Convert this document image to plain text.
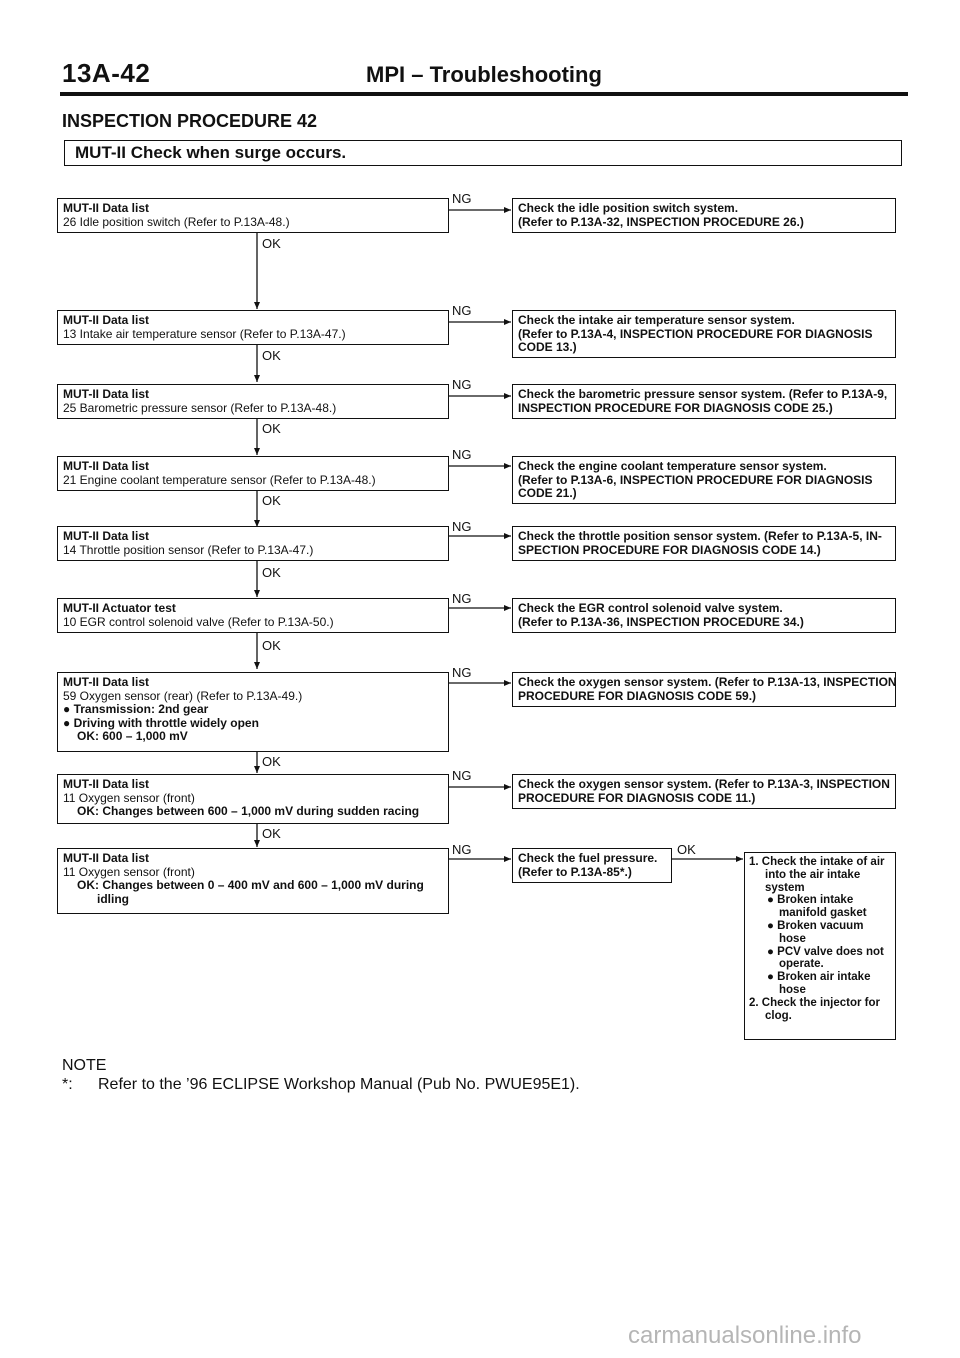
13A-42	MPI – Troubleshooting
INSPECTION PROCEDURE 42
MUT-II Check when surge occurs.
NG
NG
NG
NG
NG
NG
NG
NG
NG	OK
OK
OK
OK
OK
OK
OK
OK
OK
MUT-II Data list
26 Idle position switch (Refer to P.13A-48.)
Check the idle position switch system.
(Refer to P.13A-32, INSPECTION PROCEDURE 26.)
MUT-II Data list
13 Intake air temperature sensor (Refer to P.13A-47.)
Check the intake air temperature sensor system.
(Refer to P.13A-4, INSPECTION PROCEDURE FOR DIAGNOSIS
CODE 13.)
MUT-II Data list
25 Barometric pressure sensor (Refer to P.13A-48.)
Check the barometric pressure sensor system. (Refer to P.13A-9,
INSPECTION PROCEDURE FOR DIAGNOSIS CODE 25.)
MUT-II Data list
21 Engine coolant temperature sensor (Refer to P.13A-48.)
Check the engine coolant temperature sensor system.
(Refer to P.13A-6, INSPECTION PROCEDURE FOR DIAGNOSIS
CODE 21.)
MUT-II Data list
14 Throttle position sensor (Refer to P.13A-47.)
Check the throttle position sensor system. (Refer to P.13A-5, IN-
SPECTION PROCEDURE FOR DIAGNOSIS CODE 14.)
MUT-II Actuator test
10 EGR control solenoid valve (Refer to P.13A-50.)
Check the EGR control solenoid valve system.
(Refer to P.13A-36, INSPECTION PROCEDURE 34.)
MUT-II Data list
59 Oxygen sensor (rear) (Refer to P.13A-49.)
● Transmission: 2nd gear
● Driving with throttle widely open
OK: 600 – 1,000 mV
Check the oxygen sensor system. (Refer to P.13A-13, INSPECTION
PROCEDURE FOR DIAGNOSIS CODE 59.)
MUT-II Data list
11 Oxygen sensor (front)
OK: Changes between 600 – 1,000 mV during sudden racing
Check the oxygen sensor system. (Refer to P.13A-3, INSPECTION
PROCEDURE FOR DIAGNOSIS CODE 11.)
MUT-II Data list
11 Oxygen sensor (front)
OK: Changes between 0 – 400 mV and 600 – 1,000 mV during
idling
Check the fuel pressure.
(Refer to P.13A-85*.)
1. Check the intake of air into the air intake system
● Broken intake manifold gasket
● Broken vacuum hose
● PCV valve does not operate.
● Broken air intake hose
2. Check the injector for clog.
NOTE
*: Refer to the ’96 ECLIPSE Workshop Manual (Pub No. PWUE95E1).
carmanualsonline.info
